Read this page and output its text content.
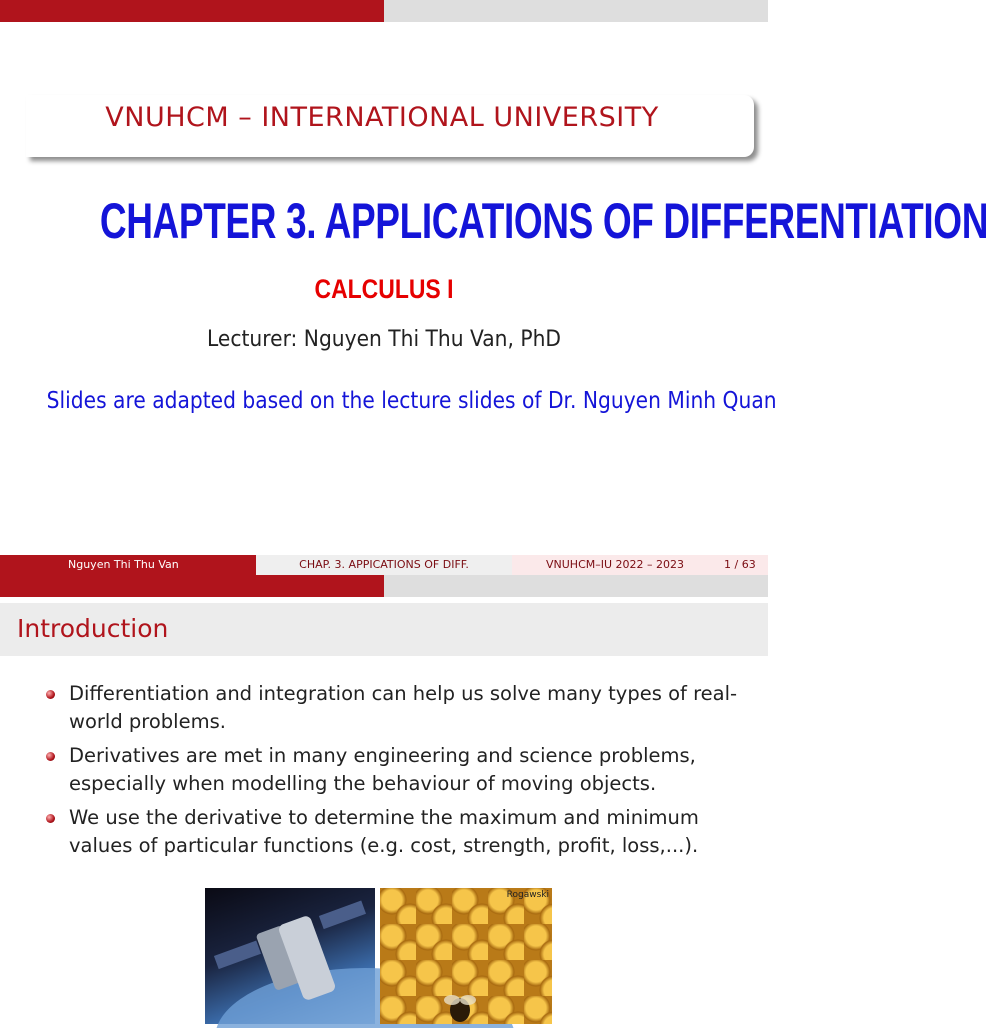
VNUHCM – INTERNATIONAL UNIVERSITY
CHAPTER 3. APPLICATIONS OF DIFFERENTIATION
CALCULUS I
Lecturer: Nguyen Thi Thu Van, PhD
Slides are adapted based on the lecture slides of Dr. Nguyen Minh Quan
Nguyen Thi Thu Van	CHAP. 3. APPICATIONS OF DIFF.	VNUHCM–IU 2022 – 2023	1 / 63
Introduction
Differentiation and integration can help us solve many types of real-world problems.
Derivatives are met in many engineering and science problems, especially when modelling the behaviour of moving objects.
We use the derivative to determine the maximum and minimum values of particular functions (e.g. cost, strength, profit, loss,...).
Rogawski
